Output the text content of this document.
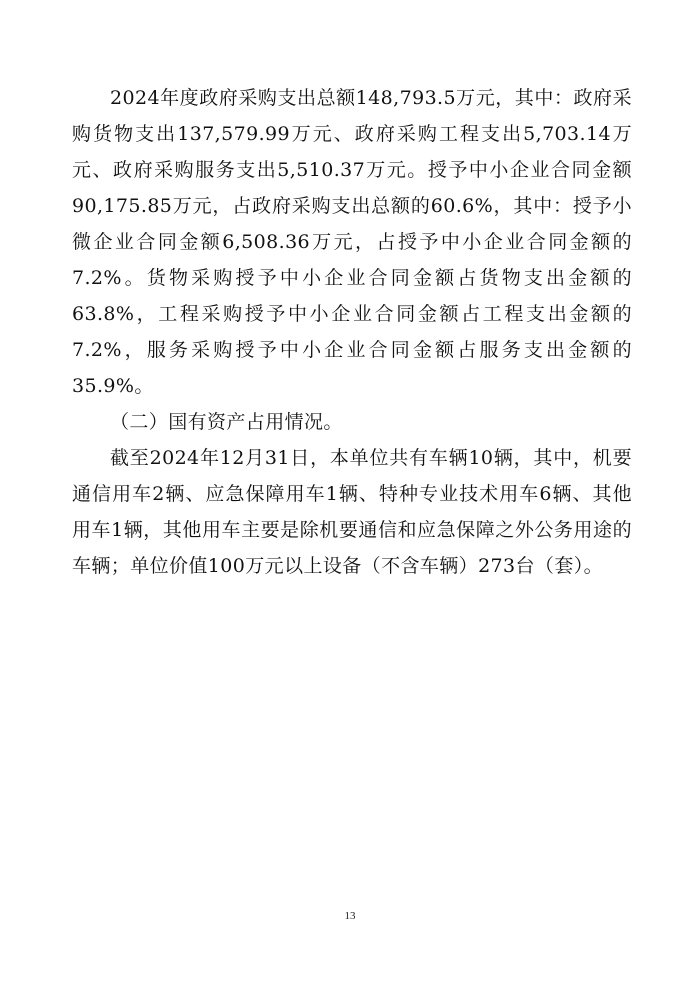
2024年度政府采购支出总额148,793.5万元，其中：政府采购货物支出137,579.99万元、政府采购工程支出5,703.14万元、政府采购服务支出5,510.37万元。授予中小企业合同金额90,175.85万元，占政府采购支出总额的60.6%，其中：授予小微企业合同金额6,508.36万元，占授予中小企业合同金额的7.2%。货物采购授予中小企业合同金额占货物支出金额的63.8%，工程采购授予中小企业合同金额占工程支出金额的7.2%，服务采购授予中小企业合同金额占服务支出金额的35.9%。

（二）国有资产占用情况。

截至2024年12月31日，本单位共有车辆10辆，其中，机要通信用车2辆、应急保障用车1辆、特种专业技术用车6辆、其他用车1辆，其他用车主要是除机要通信和应急保障之外公务用途的车辆；单位价值100万元以上设备（不含车辆）273台（套）。

13
